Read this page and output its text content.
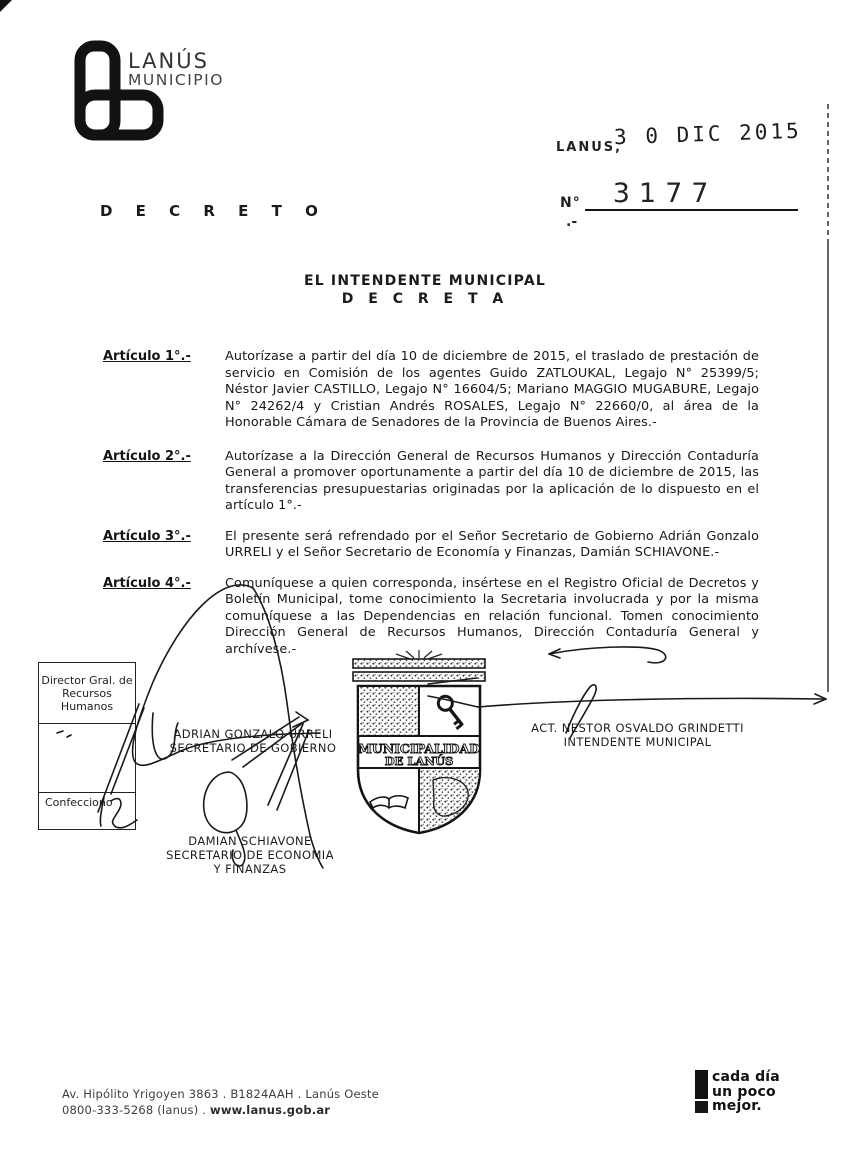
LANÚS
MUNICIPIO
LANUS,
3 0 DIC 2015
N° 3177.-
D E C R E T O
EL INTENDENTE MUNICIPAL
D E C R E T A
Artículo 1°.-	Autorízase a partir del día 10 de diciembre de 2015, el traslado de prestación de servicio en Comisión de los agentes Guido ZATLOUKAL, Legajo N° 25399/5; Néstor Javier CASTILLO, Legajo N° 16604/5; Mariano MAGGIO MUGABURE, Legajo N° 24262/4 y Cristian Andrés ROSALES, Legajo N° 22660/0, al área de la Honorable Cámara de Senadores de la Provincia de Buenos Aires.-
Artículo 2°.-	Autorízase a la Dirección General de Recursos Humanos y Dirección Contaduría General a promover oportunamente a partir del día 10 de diciembre de 2015, las transferencias presupuestarias originadas por la aplicación de lo dispuesto en el artículo 1°.-
Artículo 3°.-	El presente será refrendado por el Señor Secretario de Gobierno Adrián Gonzalo URRELI y el Señor Secretario de Economía y Finanzas, Damián SCHIAVONE.-
Artículo 4°.-	Comuníquese a quien corresponda, insértese en el Registro Oficial de Decretos y Boletín Municipal, tome conocimiento la Secretaria involucrada y por la misma comuníquese a las Dependencias en relación funcional. Tomen conocimiento Dirección General de Recursos Humanos, Dirección Contaduría General y archívese.-
Director Gral. de Recursos Humanos
Confecciono
MUNICIPALIDAD
DE LANÚS
ADRIAN GONZALO URRELI
SECRETARIO DE GOBIERNO
DAMIAN SCHIAVONE
SECRETARIO DE ECONOMIA
Y FINANZAS
ACT. NESTOR OSVALDO GRINDETTI
INTENDENTE MUNICIPAL
Av. Hipólito Yrigoyen 3863 . B1824AAH . Lanús Oeste
0800-333-5268 (lanus) . www.lanus.gob.ar
cada día
un poco
mejor.
